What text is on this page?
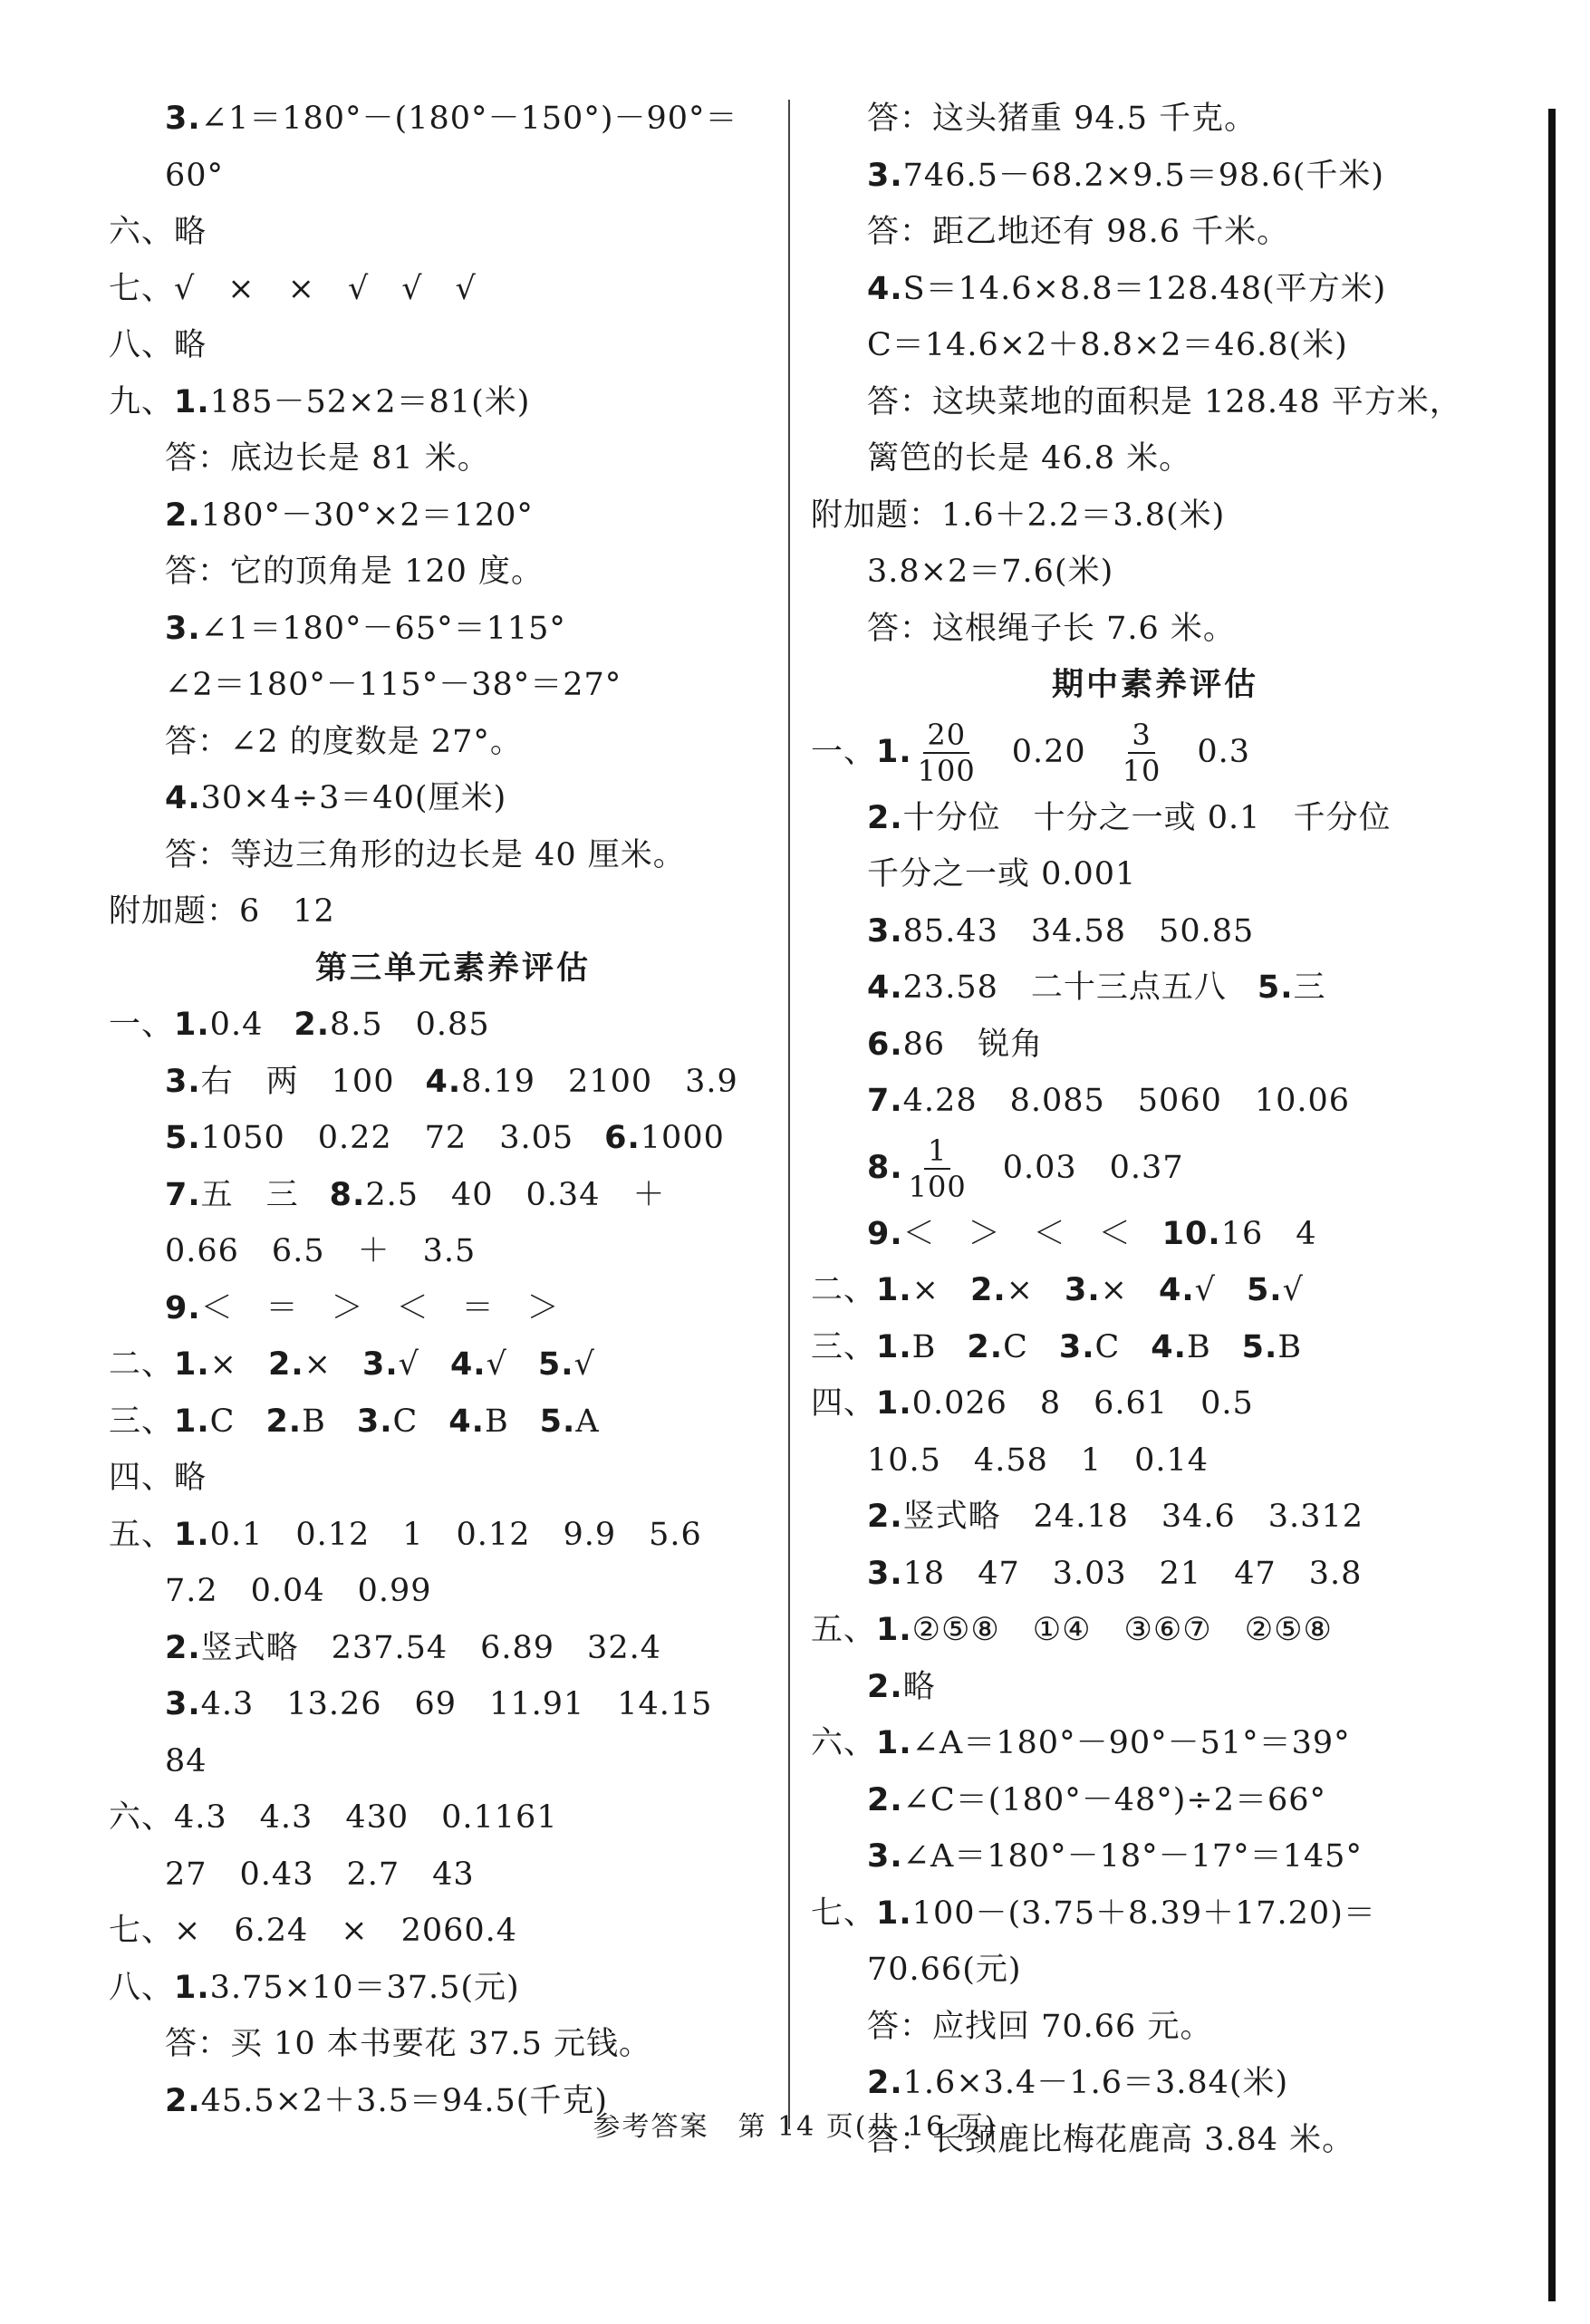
3.∠1＝180°－(180°－150°)－90°＝
60°
六、略
七、√　×　×　√　√　√
八、略
九、1.185－52×2＝81(米)
答：底边长是 81 米。
2.180°－30°×2＝120°
答：它的顶角是 120 度。
3.∠1＝180°－65°＝115°
∠2＝180°－115°－38°＝27°
答：∠2 的度数是 27°。
4.30×4÷3＝40(厘米)
答：等边三角形的边长是 40 厘米。
附加题：6　12
第三单元素养评估
一、1.0.4 2.8.5　0.85
3.右　两　100 4.8.19　2100　3.9
5.1050　0.22　72　3.05 6.1000
7.五　三 8.2.5　40　0.34　＋
0.66　6.5　＋　3.5
9.＜　＝　＞　＜　＝　＞
二、1.× 2.× 3.√ 4.√ 5.√
三、1.C 2.B 3.C 4.B 5.A
四、略
五、1.0.1　0.12　1　0.12　9.9　5.6
7.2　0.04　0.99
2.竖式略　237.54　6.89　32.4
3.4.3　13.26　69　11.91　14.15
84
六、4.3　4.3　430　0.1161
27　0.43　2.7　43
七、×　6.24　×　2060.4
八、1.3.75×10＝37.5(元)
答：买 10 本书要花 37.5 元钱。
2.45.5×2＋3.5＝94.5(千克)
答：这头猪重 94.5 千克。
3.746.5－68.2×9.5＝98.6(千米)
答：距乙地还有 98.6 千米。
4.S＝14.6×8.8＝128.48(平方米)
C＝14.6×2＋8.8×2＝46.8(米)
答：这块菜地的面积是 128.48 平方米，
篱笆的长是 46.8 米。
附加题：1.6＋2.2＝3.8(米)
3.8×2＝7.6(米)
答：这根绳子长 7.6 米。
期中素养评估
一、1. $\frac{20}{100} 0.20 \frac{3}{10} 0.3$
2.十分位　十分之一或 0.1　千分位
千分之一或 0.001
3.85.43　34.58　50.85
4.23.58　二十三点五八 5.三
6.86　锐角
7.4.28　8.085　5060　10.06
8. $\frac{1}{100} 0.03$　0.37
9.＜　＞　＜　＜ 10.16　4
二、1.× 2.× 3.× 4.√ 5.√
三、1.B 2.C 3.C 4.B 5.B
四、1.0.026　8　6.61　0.5
10.5　4.58　1　0.14
2.竖式略　24.18　34.6　3.312
3.18　47　3.03　21　47　3.8
五、1.②⑤⑧　①④　③⑥⑦　②⑤⑧
2.略
六、1.∠A＝180°－90°－51°＝39°
2.∠C＝(180°－48°)÷2＝66°
3.∠A＝180°－18°－17°＝145°
七、1.100－(3.75＋8.39＋17.20)＝
70.66(元)
答：应找回 70.66 元。
2.1.6×3.4－1.6＝3.84(米)
答：长颈鹿比梅花鹿高 3.84 米。
参考答案　第 14 页(共 16 页)
